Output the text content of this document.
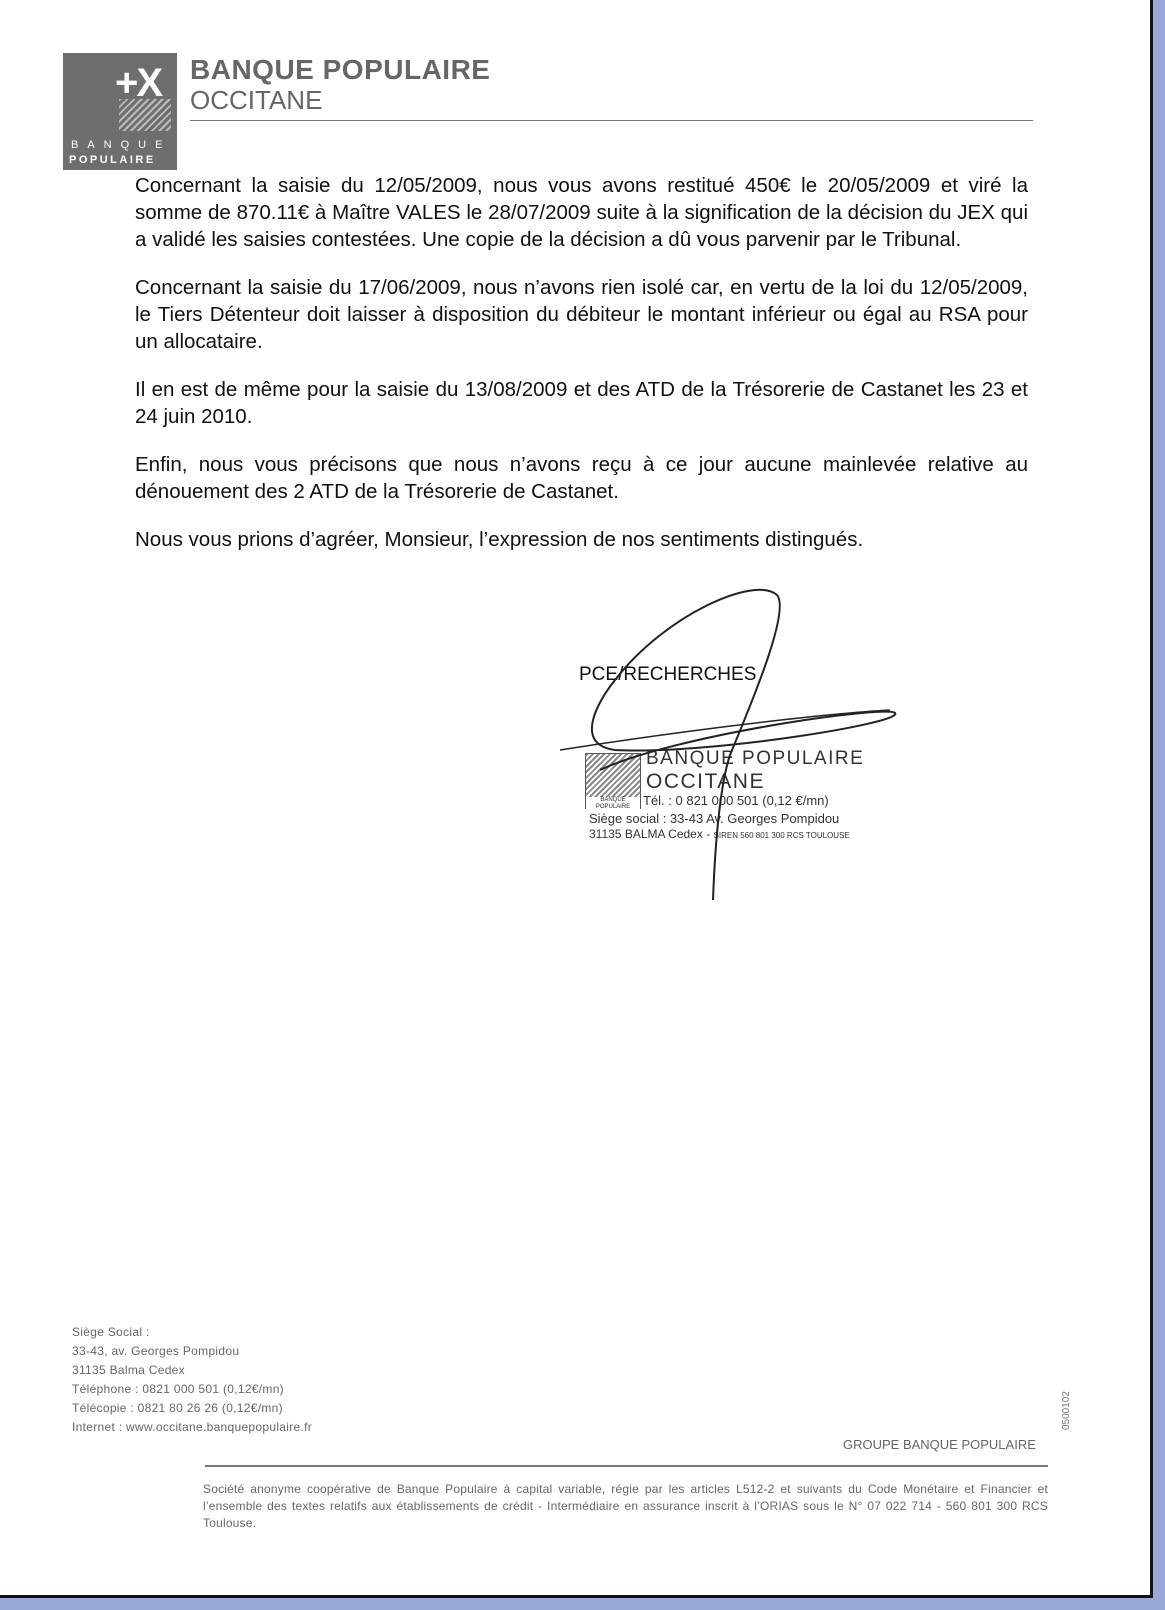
+X
BANQUE
POPULAIRE
BANQUE POPULAIRE
OCCITANE

Concernant la saisie du 12/05/2009, nous vous avons restitué 450€ le 20/05/2009 et viré la somme de 870.11€ à Maître VALES le 28/07/2009 suite à la signification de la décision du JEX qui a validé les saisies contestées. Une copie de la décision a dû vous parvenir par le Tribunal.

Concernant la saisie du 17/06/2009, nous n’avons rien isolé car, en vertu de la loi du 12/05/2009, le Tiers Détenteur doit laisser à disposition du débiteur le montant inférieur ou égal au RSA pour un allocataire.

Il en est de même pour la saisie du 13/08/2009 et des ATD de la Trésorerie de Castanet les 23 et 24 juin 2010.

Enfin, nous vous précisons que nous n’avons reçu à ce jour aucune mainlevée relative au dénouement des 2 ATD de la Trésorerie de Castanet.

Nous vous prions d’agréer, Monsieur, l’expression de nos sentiments distingués.

PCE/RECHERCHES
BANQUE POPULAIRE
BANQUE POPULAIRE
OCCITANE
Tél. : 0 821 000 501 (0,12 €/mn)
Siège social : 33-43 Av. Georges Pompidou
31135 BALMA Cedex - SIREN 560 801 300 RCS TOULOUSE
Siège Social :
33-43, av. Georges Pompidou
31135 Balma Cedex
Téléphone : 0821 000 501 (0,12€/mn)
Télécopie : 0821 80 26 26 (0,12€/mn)
Internet : www.occitane.banquepopulaire.fr
GROUPE BANQUE POPULAIRE
Société anonyme coopérative de Banque Populaire à capital variable, régie par les articles L512-2 et suivants du Code Monétaire et Financier et l’ensemble des textes relatifs aux établissements de crédit - Intermédiaire en assurance inscrit à l’ORIAS sous le N° 07 022 714 - 560 801 300 RCS Toulouse.
0500102
